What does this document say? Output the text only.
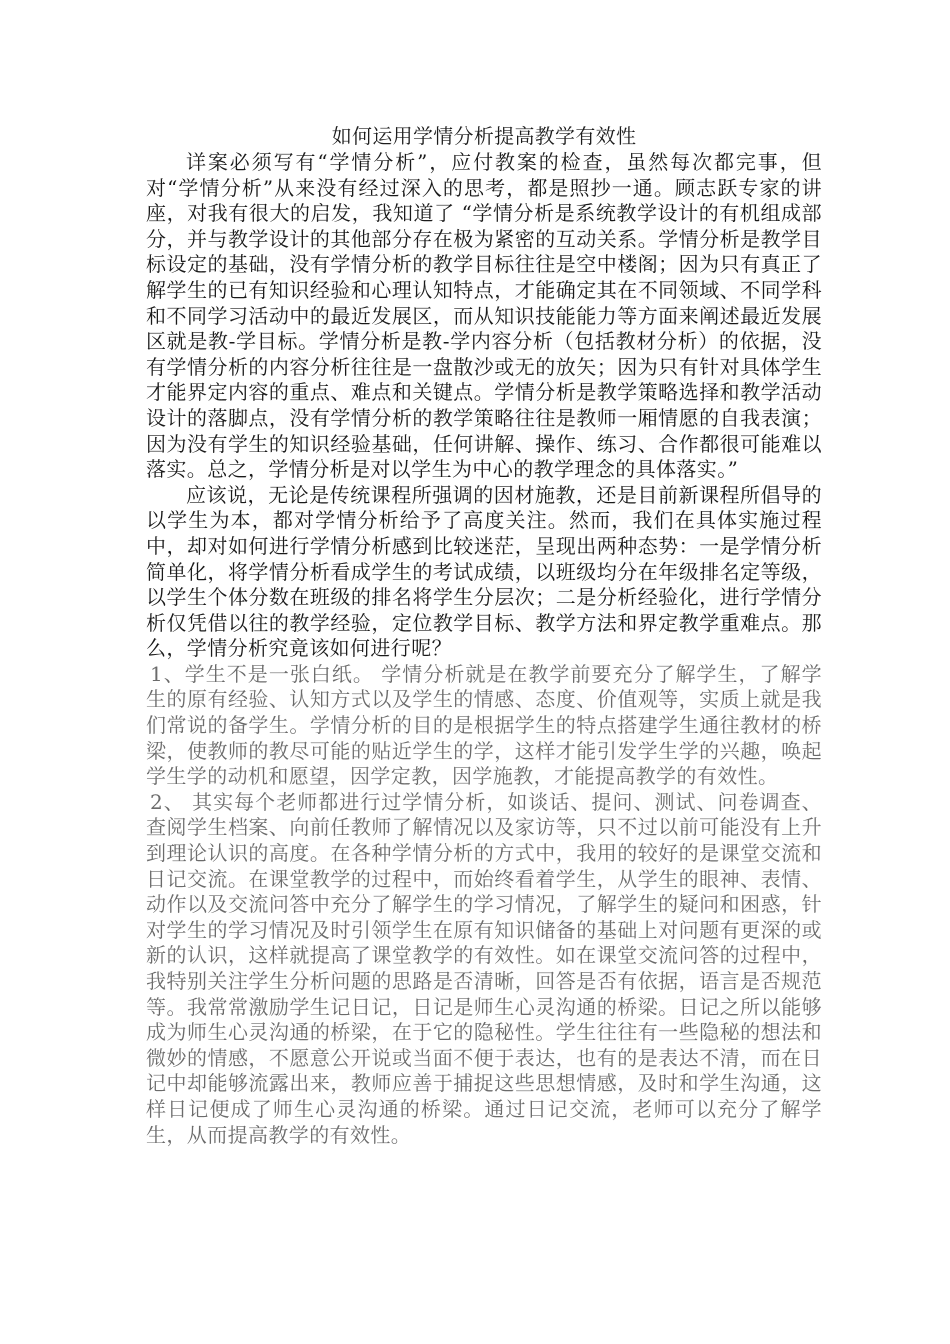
如何运用学情分析提高教学有效性

详案必须写有“学情分析”，应付教案的检查，虽然每次都完事，但对“学情分析”从来没有经过深入的思考，都是照抄一通。顾志跃专家的讲座，对我有很大的启发，我知道了 “学情分析是系统教学设计的有机组成部分，并与教学设计的其他部分存在极为紧密的互动关系。学情分析是教学目标设定的基础，没有学情分析的教学目标往往是空中楼阁；因为只有真正了解学生的已有知识经验和心理认知特点，才能确定其在不同领域、不同学科和不同学习活动中的最近发展区，而从知识技能能力等方面来阐述最近发展区就是教-学目标。学情分析是教-学内容分析（包括教材分析）的依据，没有学情分析的内容分析往往是一盘散沙或无的放矢；因为只有针对具体学生才能界定内容的重点、难点和关键点。学情分析是教学策略选择和教学活动设计的落脚点，没有学情分析的教学策略往往是教师一厢情愿的自我表演；因为没有学生的知识经验基础，任何讲解、操作、练习、合作都很可能难以落实。总之，学情分析是对以学生为中心的教学理念的具体落实。”

应该说，无论是传统课程所强调的因材施教，还是目前新课程所倡导的以学生为本，都对学情分析给予了高度关注。然而，我们在具体实施过程中，却对如何进行学情分析感到比较迷茫，呈现出两种态势：一是学情分析简单化，将学情分析看成学生的考试成绩，以班级均分在年级排名定等级，以学生个体分数在班级的排名将学生分层次；二是分析经验化，进行学情分析仅凭借以往的教学经验，定位教学目标、教学方法和界定教学重难点。那么，学情分析究竟该如何进行呢？

1、学生不是一张白纸。 学情分析就是在教学前要充分了解学生，了解学生的原有经验、认知方式以及学生的情感、态度、价值观等，实质上就是我们常说的备学生。学情分析的目的是根据学生的特点搭建学生通往教材的桥梁，使教师的教尽可能的贴近学生的学，这样才能引发学生学的兴趣，唤起学生学的动机和愿望，因学定教，因学施教，才能提高教学的有效性。

2、 其实每个老师都进行过学情分析，如谈话、提问、测试、问卷调查、查阅学生档案、向前任教师了解情况以及家访等，只不过以前可能没有上升到理论认识的高度。在各种学情分析的方式中，我用的较好的是课堂交流和日记交流。在课堂教学的过程中，而始终看着学生，从学生的眼神、表情、动作以及交流问答中充分了解学生的学习情况，了解学生的疑问和困惑，针对学生的学习情况及时引领学生在原有知识储备的基础上对问题有更深的或新的认识，这样就提高了课堂教学的有效性。如在课堂交流问答的过程中，我特别关注学生分析问题的思路是否清晰，回答是否有依据，语言是否规范等。我常常激励学生记日记，日记是师生心灵沟通的桥梁。日记之所以能够成为师生心灵沟通的桥梁，在于它的隐秘性。学生往往有一些隐秘的想法和微妙的情感，不愿意公开说或当面不便于表达，也有的是表达不清，而在日记中却能够流露出来，教师应善于捕捉这些思想情感，及时和学生沟通，这样日记便成了师生心灵沟通的桥梁。通过日记交流，老师可以充分了解学生，从而提高教学的有效性。
